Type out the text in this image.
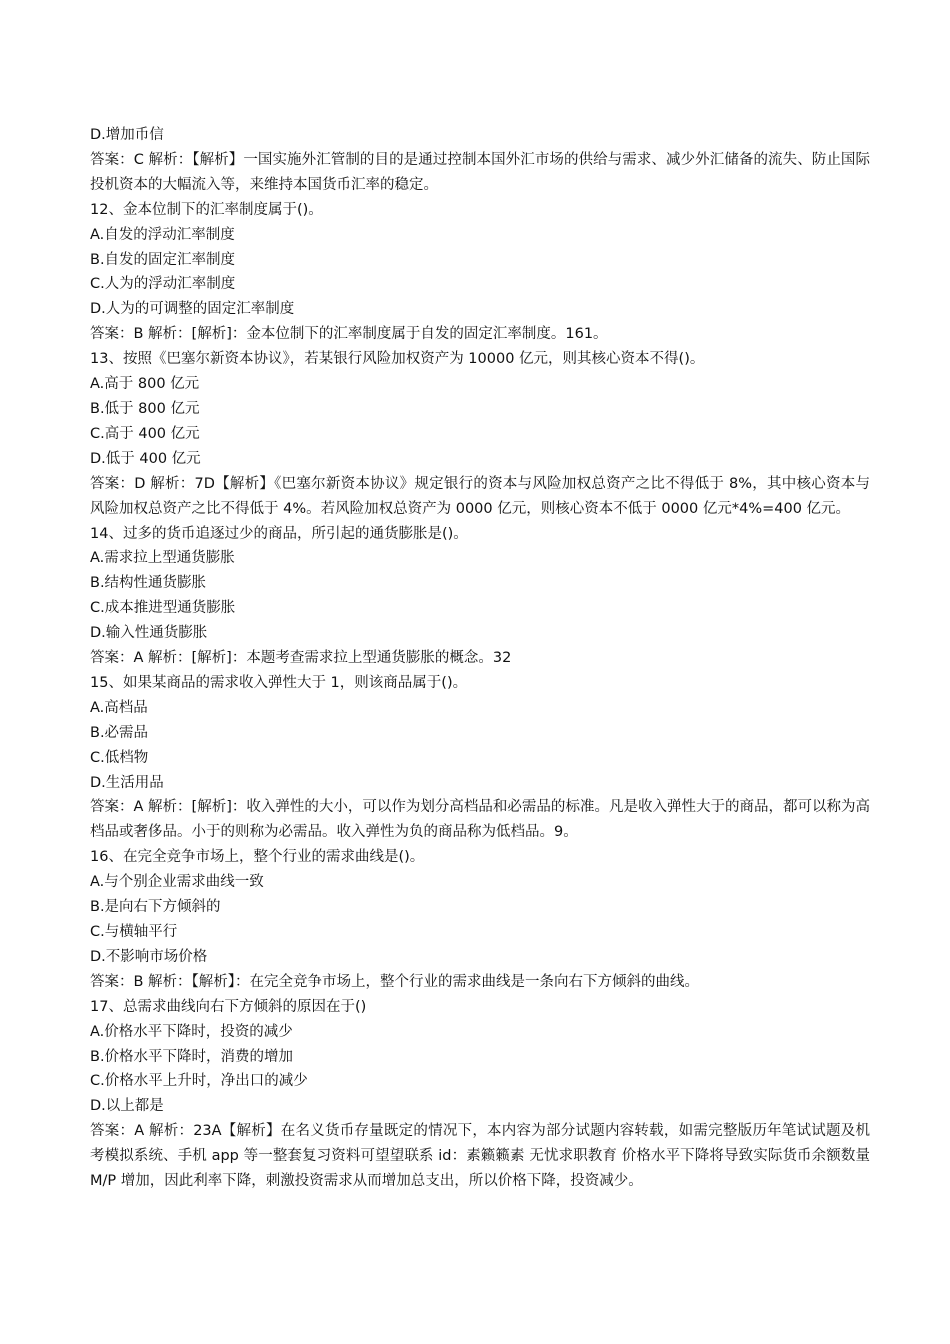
D.增加币信
答案：C 解析：【解析】一国实施外汇管制的目的是通过控制本国外汇市场的供给与需求、减少外汇储备的流失、防止国际投机资本的大幅流入等，来维持本国货币汇率的稳定。
12、金本位制下的汇率制度属于()。
A.自发的浮动汇率制度
B.自发的固定汇率制度
C.人为的浮动汇率制度
D.人为的可调整的固定汇率制度
答案：B 解析：[解析]：金本位制下的汇率制度属于自发的固定汇率制度。161。
13、按照《巴塞尔新资本协议》，若某银行风险加权资产为 10000 亿元，则其核心资本不得()。
A.高于 800 亿元
B.低于 800 亿元
C.高于 400 亿元
D.低于 400 亿元
答案：D 解析：7D【解析】《巴塞尔新资本协议》规定银行的资本与风险加权总资产之比不得低于 8%，其中核心资本与风险加权总资产之比不得低于 4%。若风险加权总资产为 0000 亿元，则核心资本不低于 0000 亿元*4%=400 亿元。
14、过多的货币追逐过少的商品，所引起的通货膨胀是()。
A.需求拉上型通货膨胀
B.结构性通货膨胀
C.成本推进型通货膨胀
D.输入性通货膨胀
答案：A 解析：[解析]：本题考查需求拉上型通货膨胀的概念。32
15、如果某商品的需求收入弹性大于 1，则该商品属于()。
A.高档品
B.必需品
C.低档物
D.生活用品
答案：A 解析：[解析]：收入弹性的大小，可以作为划分高档品和必需品的标准。凡是收入弹性大于的商品，都可以称为高档品或奢侈品。小于的则称为必需品。收入弹性为负的商品称为低档品。9。
16、在完全竞争市场上，整个行业的需求曲线是()。
A.与个别企业需求曲线一致
B.是向右下方倾斜的
C.与横轴平行
D.不影响市场价格
答案：B 解析：【解析】：在完全竞争市场上，整个行业的需求曲线是一条向右下方倾斜的曲线。
17、总需求曲线向右下方倾斜的原因在于()
A.价格水平下降时，投资的减少
B.价格水平下降时，消费的增加
C.价格水平上升时，净出口的减少
D.以上都是
答案：A 解析：23A【解析】在名义货币存量既定的情况下，本内容为部分试题内容转载，如需完整版历年笔试试题及机考模拟系统、手机 app 等一整套复习资料可望望联系 id：素籁籁素 无忧求职教育 价格水平下降将导致实际货币余额数量 M/P 增加，因此利率下降，刺激投资需求从而增加总支出，所以价格下降，投资减少。
